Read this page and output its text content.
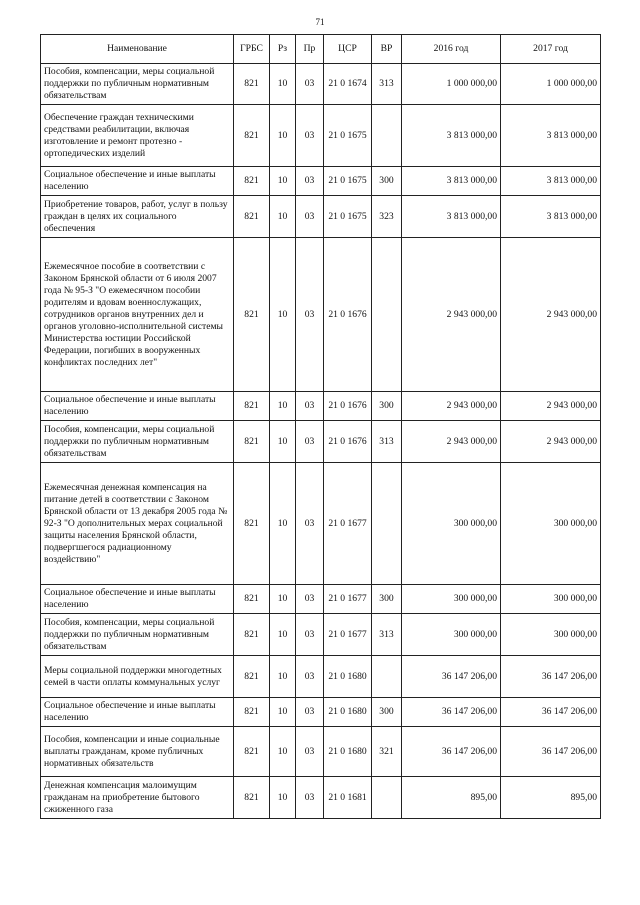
71
Наименование	ГРБС	Рз	Пр	ЦСР	ВР	2016 год	2017 год
Пособия, компенсации, меры социальной поддержки по публичным нормативным обязательствам	821	10	03	21 0 1674	313	1 000 000,00	1 000 000,00
Обеспечение граждан техническими средствами реабилитации, включая изготовление и ремонт протезно - ортопедических изделий	821	10	03	21 0 1675		3 813 000,00	3 813 000,00
Социальное обеспечение и иные выплаты населению	821	10	03	21 0 1675	300	3 813 000,00	3 813 000,00
Приобретение товаров, работ, услуг в пользу граждан в целях их социального обеспечения	821	10	03	21 0 1675	323	3 813 000,00	3 813 000,00
Ежемесячное пособие в соответствии с Законом Брянской области от 6 июля 2007 года № 95-З "О ежемесячном пособии родителям и вдовам военнослужащих, сотрудников органов внутренних дел и органов уголовно-исполнительной системы Министерства юстиции Российской Федерации, погибших в вооруженных конфликтах последних лет"	821	10	03	21 0 1676		2 943 000,00	2 943 000,00
Социальное обеспечение и иные выплаты населению	821	10	03	21 0 1676	300	2 943 000,00	2 943 000,00
Пособия, компенсации, меры социальной поддержки по публичным нормативным обязательствам	821	10	03	21 0 1676	313	2 943 000,00	2 943 000,00
Ежемесячная денежная компенсация на питание детей в соответствии с Законом Брянской области от 13 декабря 2005 года № 92-З "О дополнительных мерах социальной защиты населения Брянской области, подвергшегося радиационному воздействию"	821	10	03	21 0 1677		300 000,00	300 000,00
Социальное обеспечение и иные выплаты населению	821	10	03	21 0 1677	300	300 000,00	300 000,00
Пособия, компенсации, меры социальной поддержки по публичным нормативным обязательствам	821	10	03	21 0 1677	313	300 000,00	300 000,00
Меры социальной поддержки многодетных семей в части оплаты коммунальных услуг	821	10	03	21 0 1680		36 147 206,00	36 147 206,00
Социальное обеспечение и иные выплаты населению	821	10	03	21 0 1680	300	36 147 206,00	36 147 206,00
Пособия, компенсации и иные социальные выплаты гражданам, кроме публичных нормативных обязательств	821	10	03	21 0 1680	321	36 147 206,00	36 147 206,00
Денежная компенсация малоимущим гражданам на приобретение бытового сжиженного газа	821	10	03	21 0 1681		895,00	895,00
